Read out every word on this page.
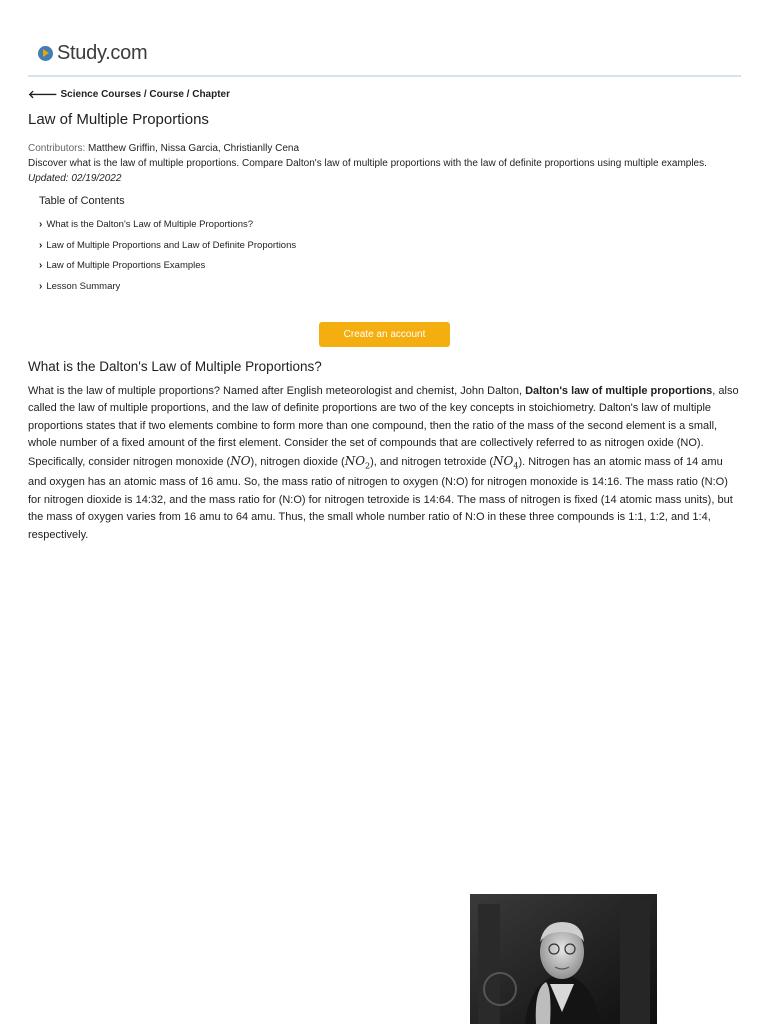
Study.com
🡐 Science Courses / Course / Chapter
Law of Multiple Proportions
Contributors: Matthew Griffin, Nissa Garcia, Christianlly Cena
Discover what is the law of multiple proportions. Compare Dalton's law of multiple proportions with the law of definite proportions using multiple examples. Updated: 02/19/2022
Table of Contents
› What is the Dalton's Law of Multiple Proportions?
› Law of Multiple Proportions and Law of Definite Proportions
› Law of Multiple Proportions Examples
› Lesson Summary
Create an account
What is the Dalton's Law of Multiple Proportions?
What is the law of multiple proportions? Named after English meteorologist and chemist, John Dalton, Dalton's law of multiple proportions, also called the law of multiple proportions, and the law of definite proportions are two of the key concepts in stoichiometry. Dalton's law of multiple proportions states that if two elements combine to form more than one compound, then the ratio of the mass of the second element is a small, whole number of a fixed amount of the first element. Consider the set of compounds that are collectively referred to as nitrogen oxide (NO). Specifically, consider nitrogen monoxide (NO), nitrogen dioxide $(NO_2)$, and nitrogen tetroxide $(NO_4)$. Nitrogen has an atomic mass of 14 amu and oxygen has an atomic mass of 16 amu. So, the mass ratio of nitrogen to oxygen (N:O) for nitrogen monoxide is 14:16. The mass ratio (N:O) for nitrogen dioxide is 14:32, and the mass ratio for (N:O) for nitrogen tetroxide is 14:64. The mass of nitrogen is fixed (14 atomic mass units), but the mass of oxygen varies from 16 amu to 64 amu. Thus, the small whole number ratio of N:O in these three compounds is 1:1, 1:2, and 1:4, respectively.
